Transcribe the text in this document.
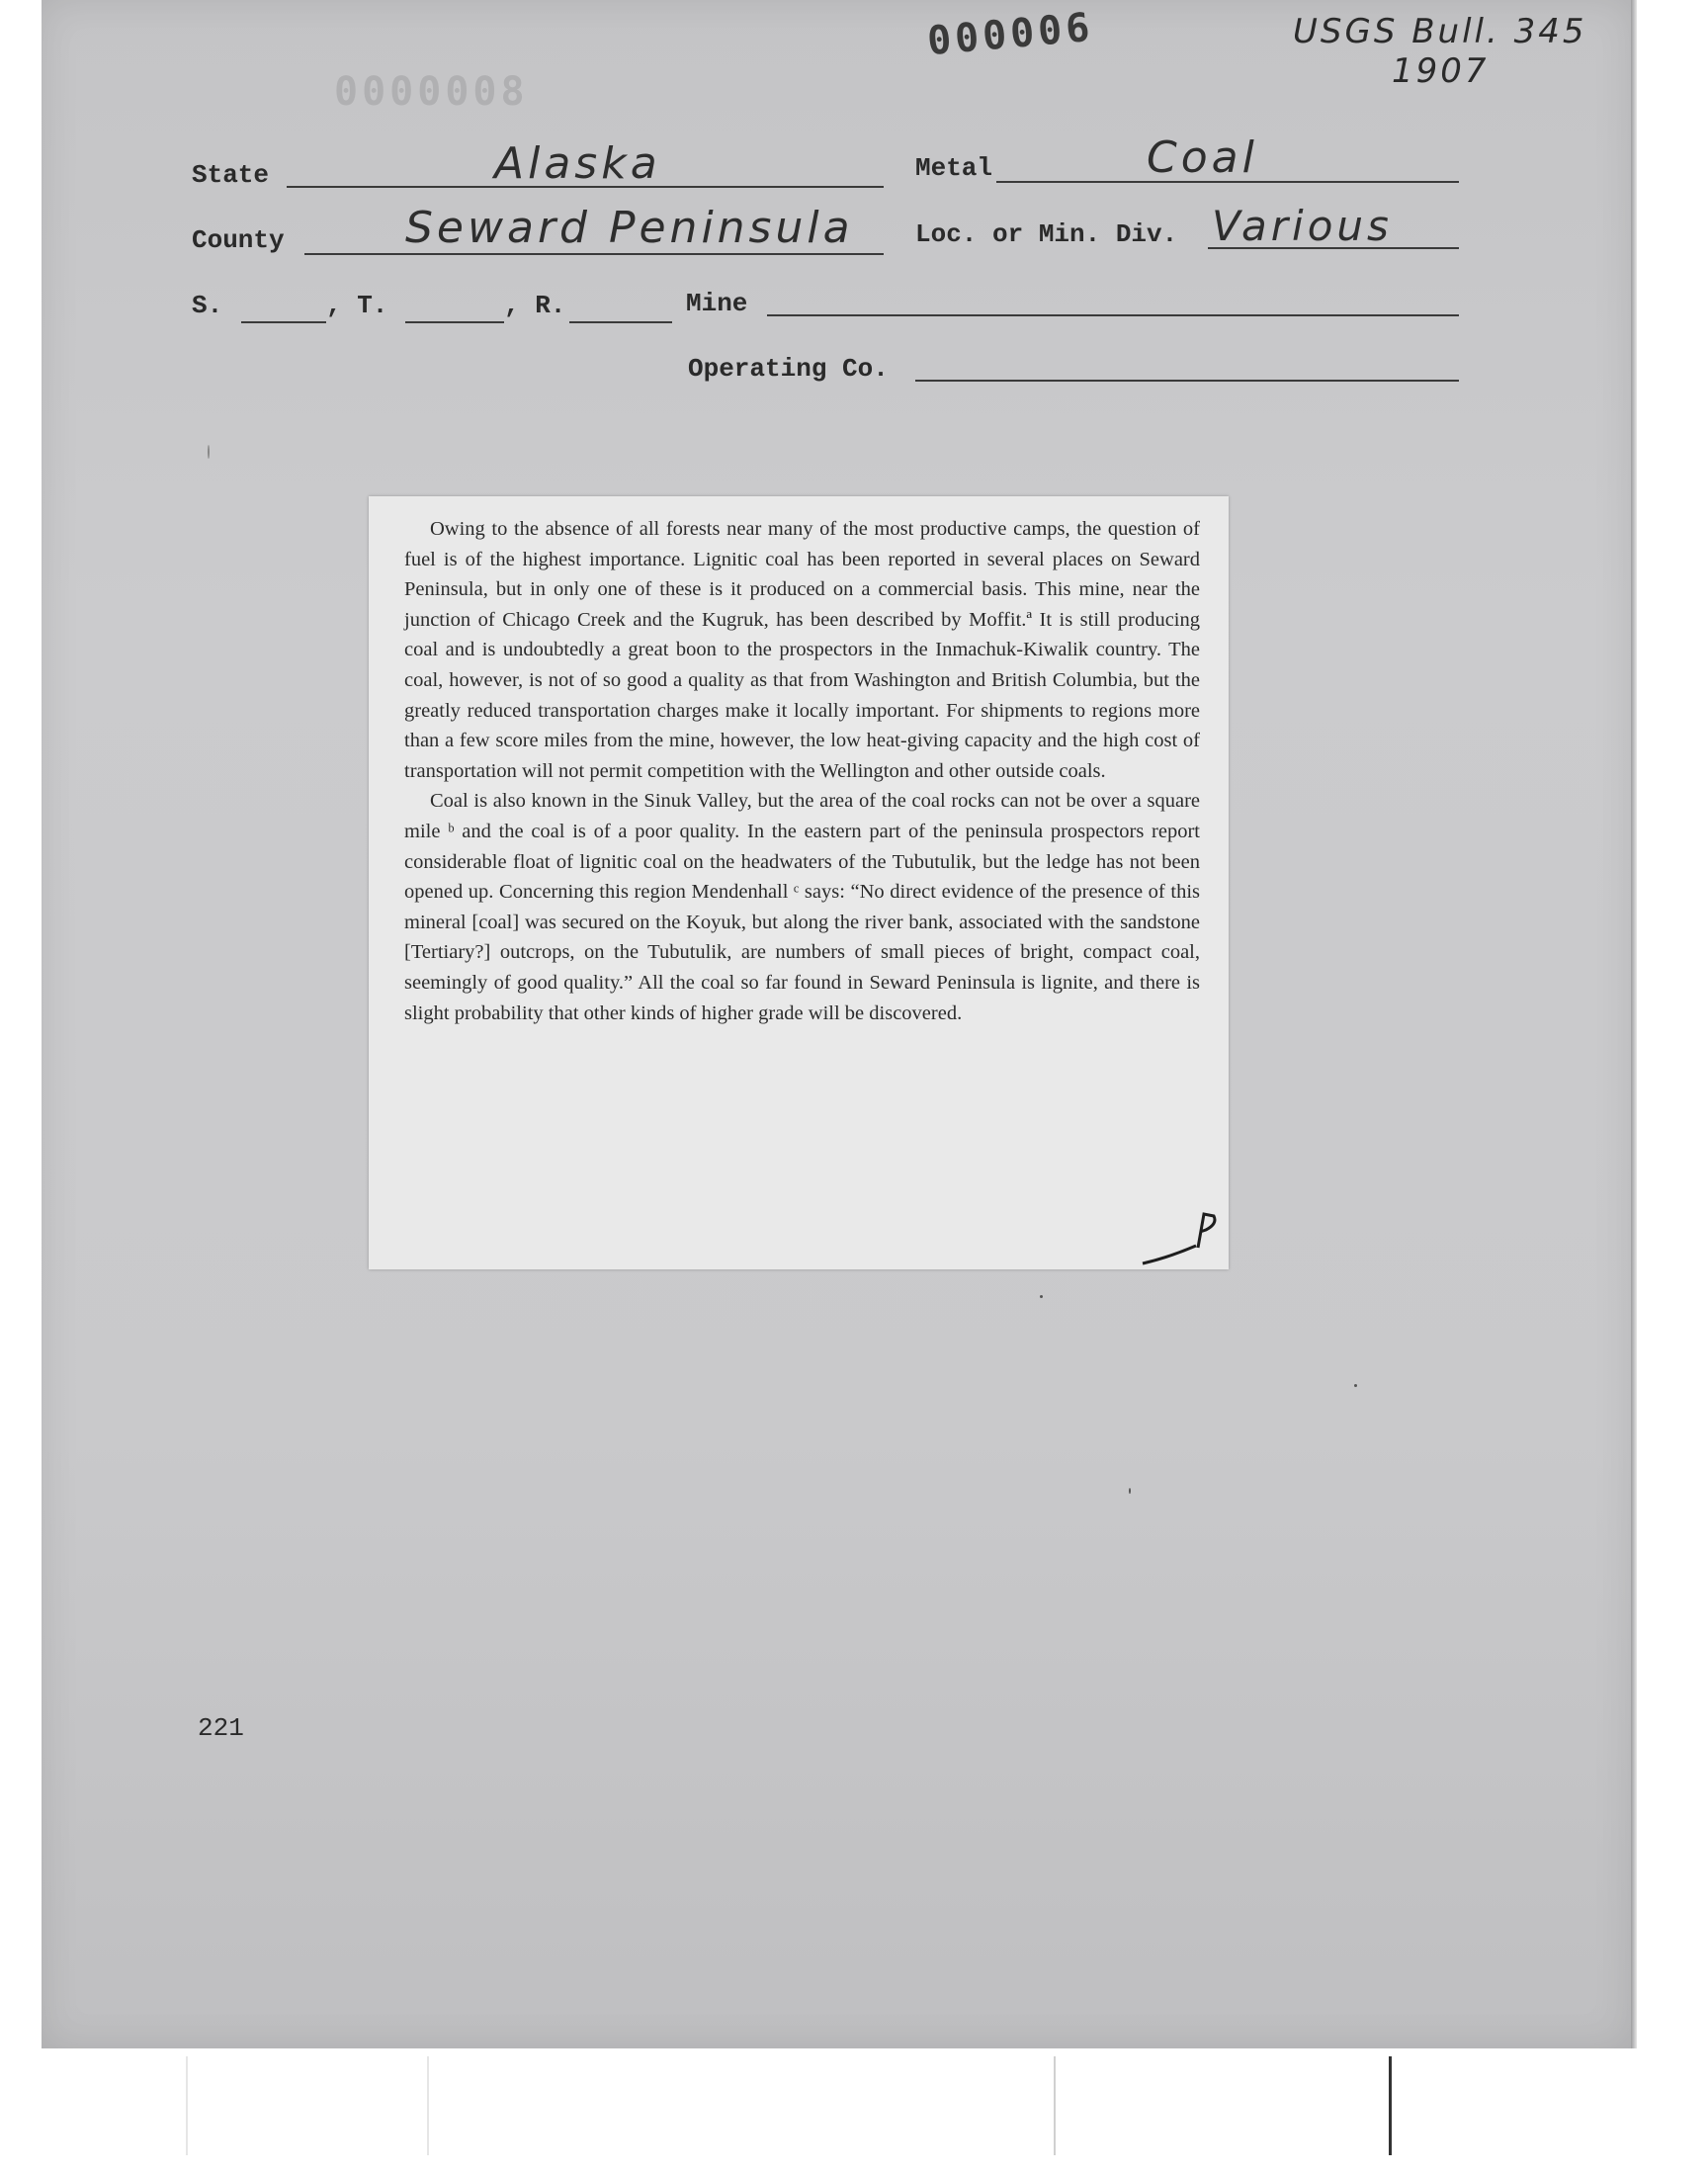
USGS Bull. 345
1907
000006
0000008
State	Alaska	Metal	Coal
County	Seward Peninsula Loc. or Min. Div. Various
S.	, T.	, R.	Mine
Operating Co.

Owing to the absence of all forests near many of the most productive camps, the question of fuel is of the highest importance. Lignitic coal has been reported in several places on Seward Peninsula, but in only one of these is it produced on a commercial basis. This mine, near the junction of Chicago Creek and the Kugruk, has been described by Moffit.ª It is still producing coal and is undoubtedly a great boon to the prospectors in the Inmachuk-Kiwalik country. The coal, however, is not of so good a quality as that from Washington and British Columbia, but the greatly reduced transportation charges make it locally important. For shipments to regions more than a few score miles from the mine, however, the low heat-giving capacity and the high cost of transportation will not permit competition with the Wellington and other outside coals.

Coal is also known in the Sinuk Valley, but the area of the coal rocks can not be over a square mile ᵇ and the coal is of a poor quality. In the eastern part of the peninsula prospectors report considerable float of lignitic coal on the headwaters of the Tubutulik, but the ledge has not been opened up. Concerning this region Mendenhall ᶜ says: “No direct evidence of the presence of this mineral [coal] was secured on the Koyuk, but along the river bank, associated with the sandstone [Tertiary?] outcrops, on the Tubutulik, are numbers of small pieces of bright, compact coal, seemingly of good quality.” All the coal so far found in Seward Peninsula is lignite, and there is slight probability that other kinds of higher grade will be discovered.

221
